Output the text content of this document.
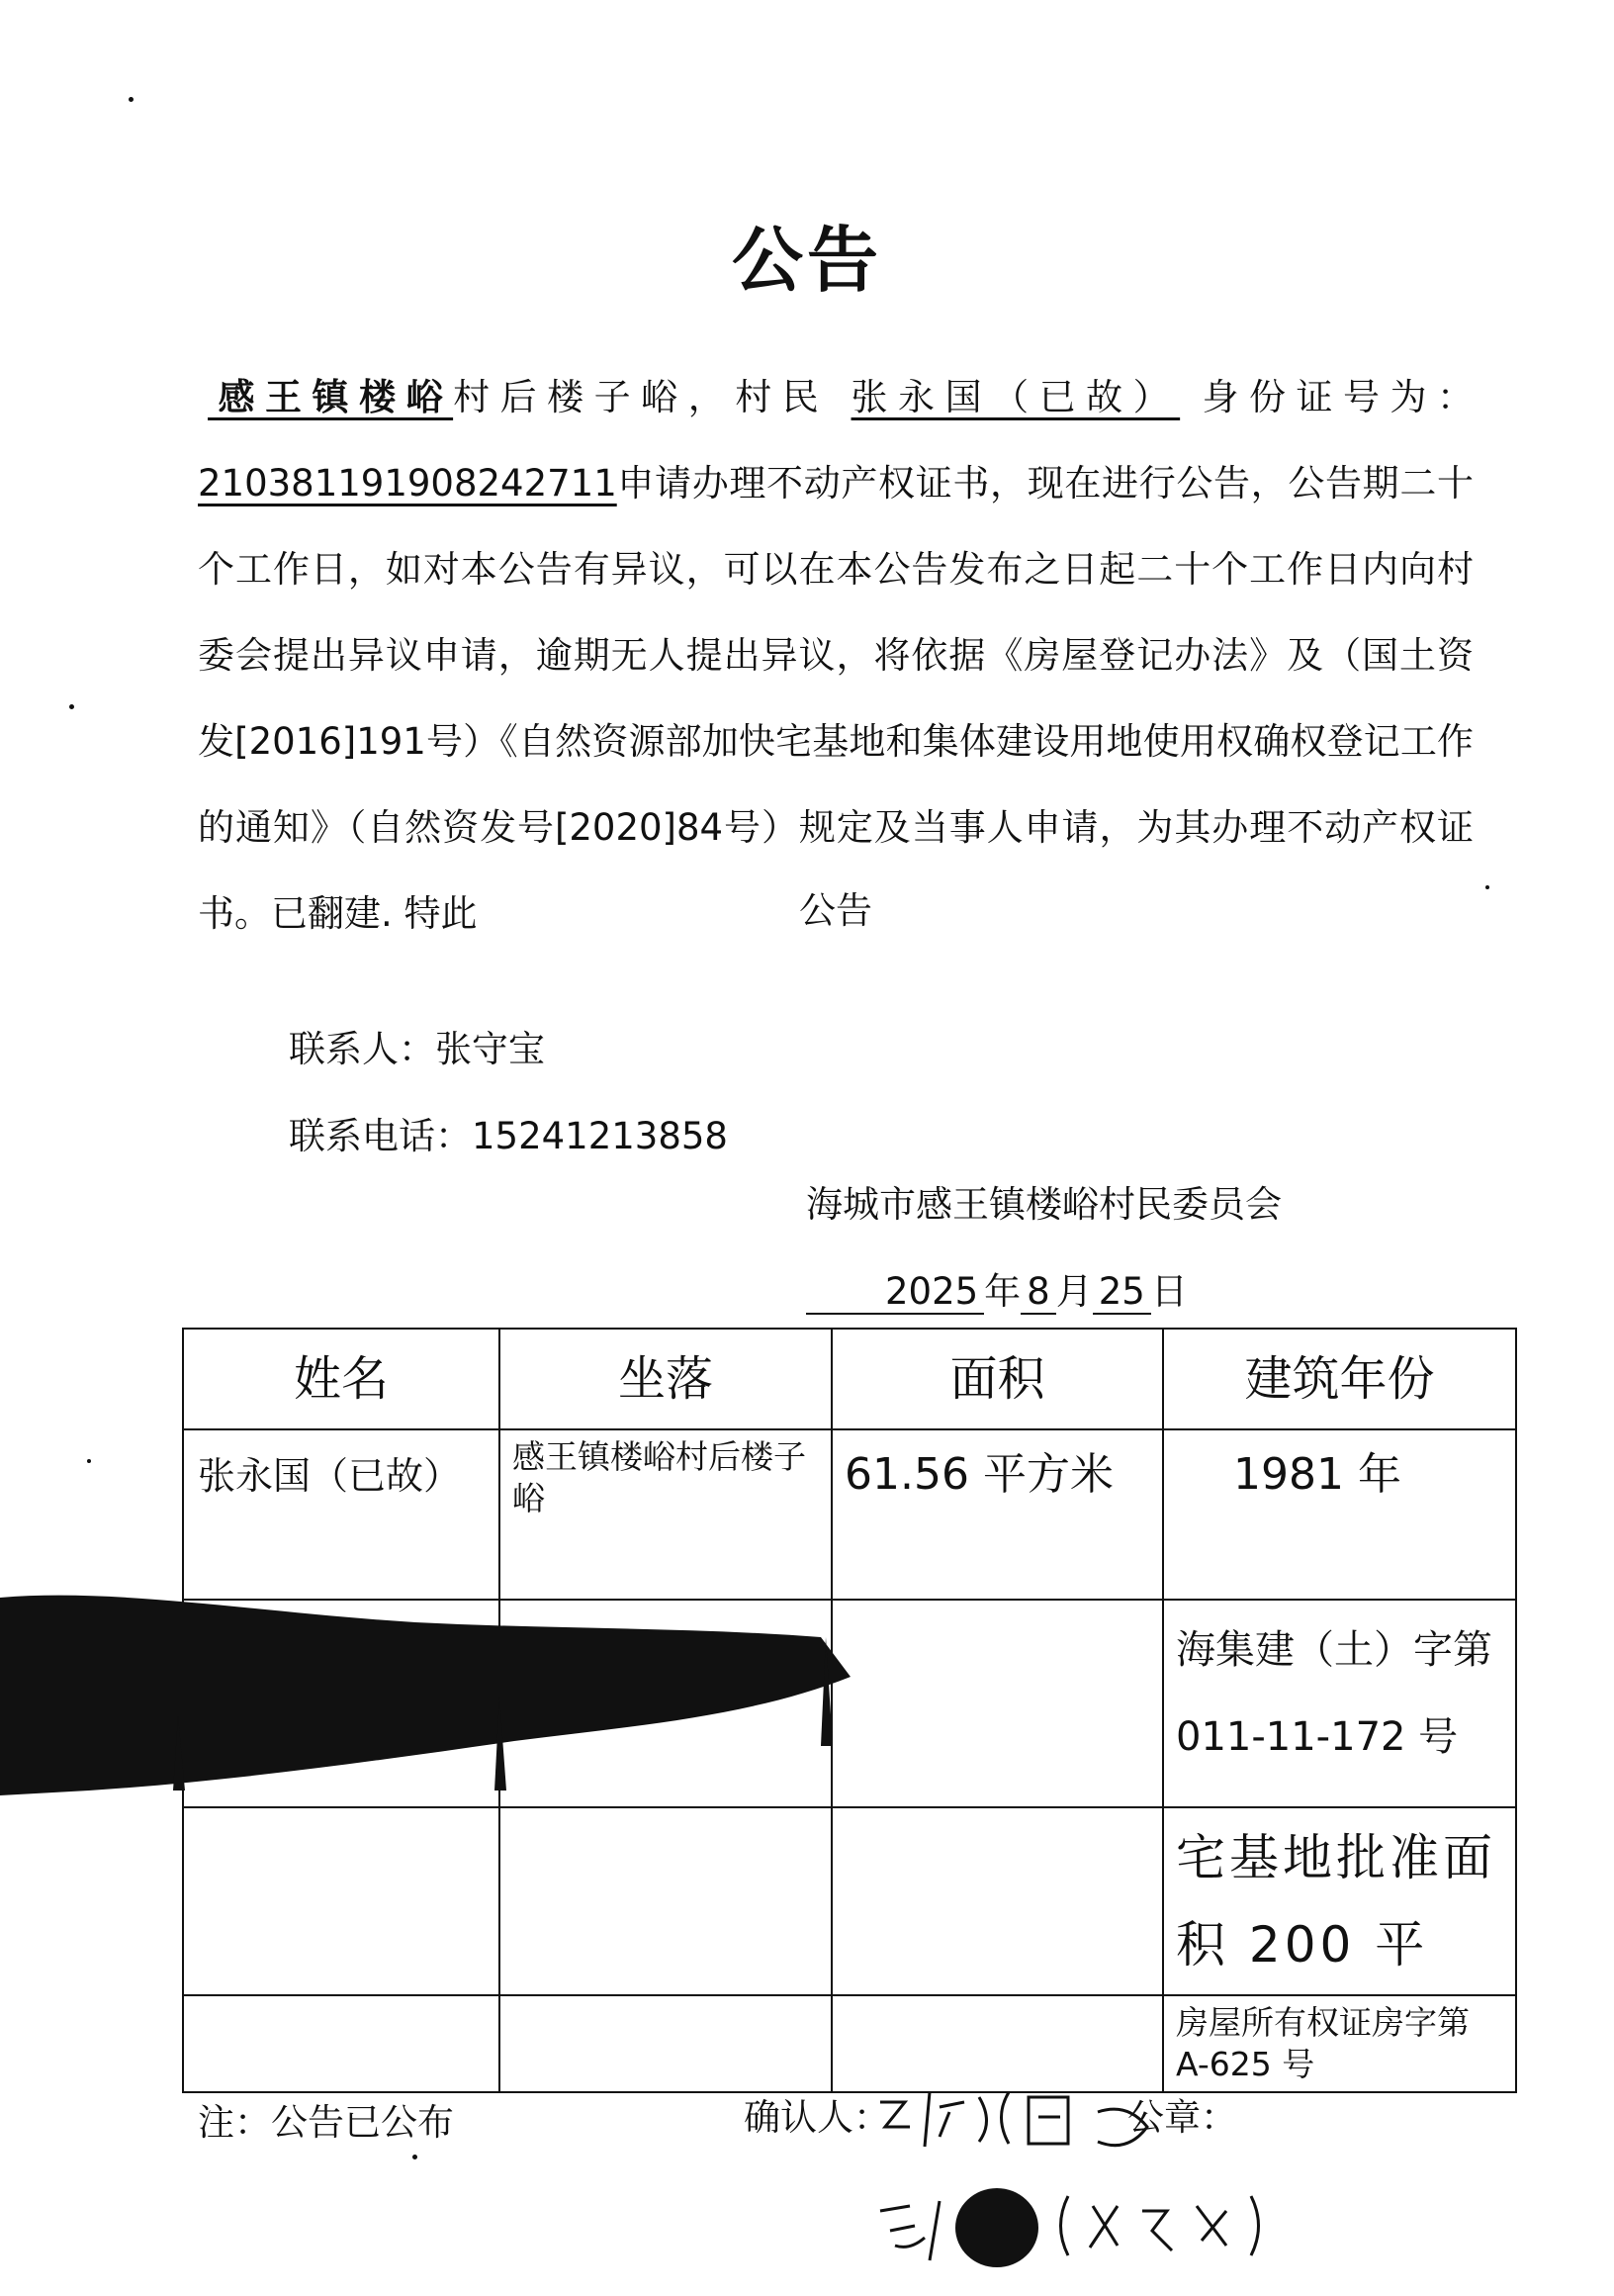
公告
感王镇楼峪村后楼子峪，村民 张永国（已故） 身份证号为：210381191908242711申请办理不动产权证书，现在进行公告，公告期二十个工作日，如对本公告有异议，可以在本公告发布之日起二十个工作日内向村委会提出异议申请，逾期无人提出异议，将依据《房屋登记办法》及（国土资发[2016]191号）《自然资源部加快宅基地和集体建设用地使用权确权登记工作的通知》（自然资发号[2020]84号）规定及当事人申请，为其办理不动产权证书。已翻建. 特此	公告
联系人：张守宝
联系电话：15241213858
海城市感王镇楼峪村民委员会
2025 年 8 月 25 日
姓名	坐落	面积	建筑年份
张永国（已故）	感王镇楼峪村后楼子峪	61.56 平方米	1981 年
			海集建（土）字第 011-11-172 号
			宅基地批准面积 200 平
			房屋所有权证房字第 A-625 号
注：公告已公布	确认人：	公章：
